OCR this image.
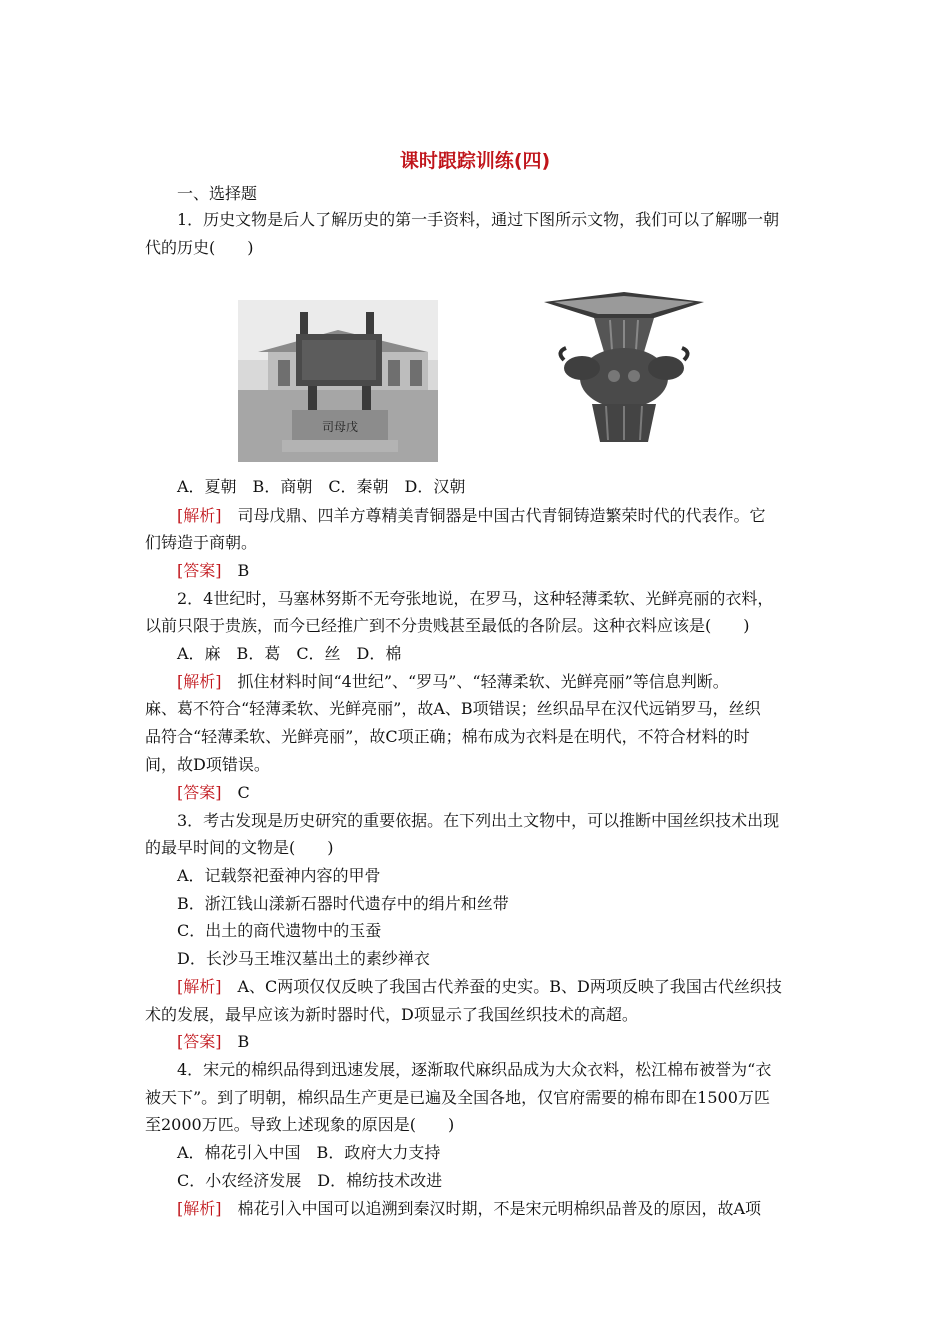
课时跟踪训练(四)
一、选择题
1．历史文物是后人了解历史的第一手资料，通过下图所示文物，我们可以了解哪一朝
代的历史(　　)
司母戊
A．夏朝　B．商朝　C．秦朝　D．汉朝
[解析]　司母戊鼎、四羊方尊精美青铜器是中国古代青铜铸造繁荣时代的代表作。它
们铸造于商朝。
[答案]　B
2．4世纪时，马塞林努斯不无夸张地说，在罗马，这种轻薄柔软、光鲜亮丽的衣料，
以前只限于贵族，而今已经推广到不分贵贱甚至最低的各阶层。这种衣料应该是(　　)
A．麻　B．葛　C．丝　D．棉
[解析]　抓住材料时间“4世纪”、“罗马”、“轻薄柔软、光鲜亮丽”等信息判断。
麻、葛不符合“轻薄柔软、光鲜亮丽”，故A、B项错误；丝织品早在汉代远销罗马，丝织
品符合“轻薄柔软、光鲜亮丽”，故C项正确；棉布成为衣料是在明代，不符合材料的时
间，故D项错误。
[答案]　C
3．考古发现是历史研究的重要依据。在下列出土文物中，可以推断中国丝织技术出现
的最早时间的文物是(　　)
A．记载祭祀蚕神内容的甲骨
B．浙江钱山漾新石器时代遗存中的绢片和丝带
C．出土的商代遗物中的玉蚕
D．长沙马王堆汉墓出土的素纱禅衣
[解析]　A、C两项仅仅反映了我国古代养蚕的史实。B、D两项反映了我国古代丝织技
术的发展，最早应该为新时器时代，D项显示了我国丝织技术的高超。
[答案]　B
4．宋元的棉织品得到迅速发展，逐渐取代麻织品成为大众衣料，松江棉布被誉为“衣
被天下”。到了明朝，棉织品生产更是已遍及全国各地，仅官府需要的棉布即在1500万匹
至2000万匹。导致上述现象的原因是(　　)
A．棉花引入中国　B．政府大力支持
C．小农经济发展　D．棉纺技术改进
[解析]　棉花引入中国可以追溯到秦汉时期，不是宋元明棉织品普及的原因，故A项
